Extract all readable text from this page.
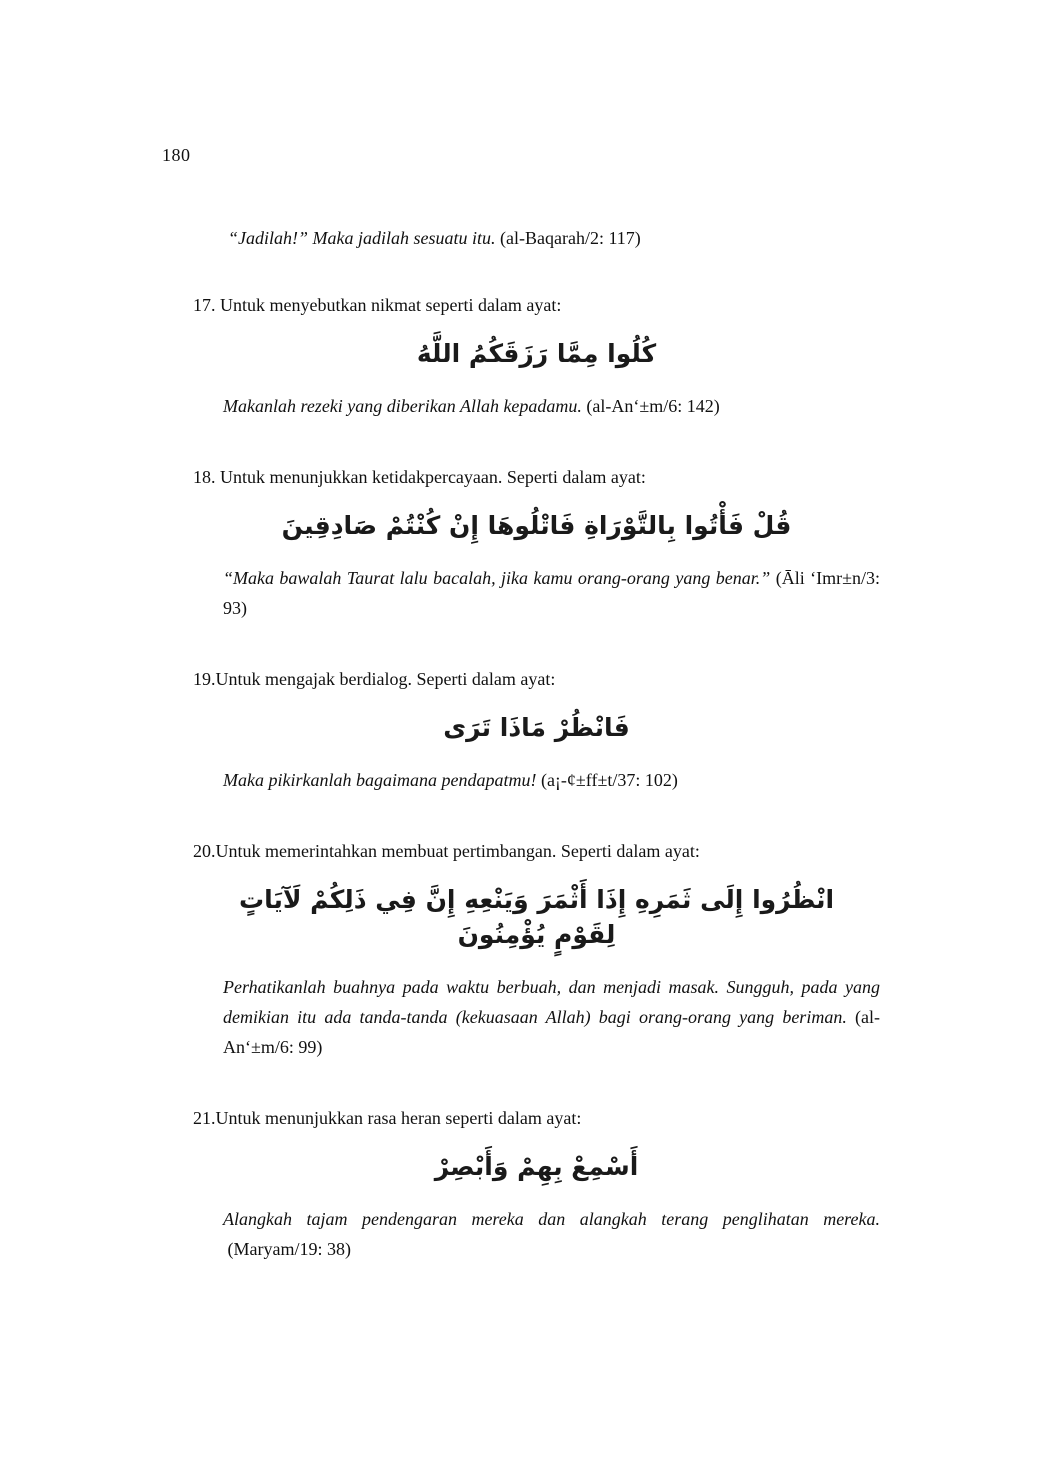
180

“Jadilah!” Maka jadilah sesuatu itu. (al-Baqarah/2: 117)

17. Untuk menyebutkan nikmat seperti dalam ayat:

كُلُوا مِمَّا رَزَقَكُمُ اللَّهُ

Makanlah rezeki yang diberikan Allah kepadamu. (al-An‘±m/6: 142)

18. Untuk menunjukkan ketidakpercayaan. Seperti dalam ayat:

قُلْ فَأْتُوا بِالتَّوْرَاةِ فَاتْلُوهَا إِنْ كُنْتُمْ صَادِقِينَ

“Maka bawalah Taurat lalu bacalah, jika kamu orang-orang yang benar.” (Āli ‘Imr±n/3: 93)

19.Untuk mengajak berdialog. Seperti dalam ayat:

فَانْظُرْ مَاذَا تَرَى

Maka pikirkanlah bagaimana pendapatmu! (a¡-¢±ff±t/37: 102)

20.Untuk memerintahkan membuat pertimbangan. Seperti dalam ayat:

انْظُرُوا إِلَى ثَمَرِهِ إِذَا أَثْمَرَ وَيَنْعِهِ إِنَّ فِي ذَلِكُمْ لَآيَاتٍ لِقَوْمٍ يُؤْمِنُونَ

Perhatikanlah buahnya pada waktu berbuah, dan menjadi masak. Sungguh, pada yang demikian itu ada tanda-tanda (kekuasaan Allah) bagi orang-orang yang beriman. (al-An‘±m/6: 99)

21.Untuk menunjukkan rasa heran seperti dalam ayat:

أَسْمِعْ بِهِمْ وَأَبْصِرْ

Alangkah tajam pendengaran mereka dan alangkah terang penglihatan mereka. (Maryam/19: 38)
